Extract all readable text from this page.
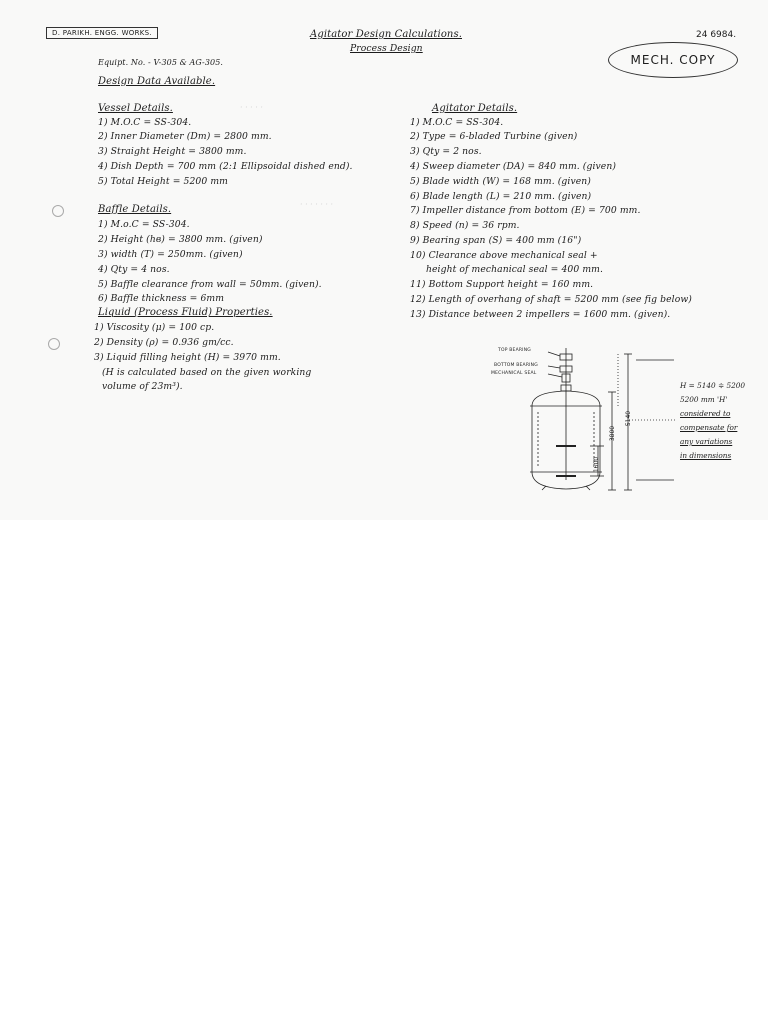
D. PARIKH. ENGG. WORKS.	Agitator Design Calculations.
Process Design
24 6984.
MECH. COPY
Equipt. No. - V-305 & AG-305.
Design Data Available.
· · · · ·
· · · · · · ·
Vessel Details.
1) M.O.C = SS-304.
2) Inner Diameter (Dт) = 2800 mm.
3) Straight Height = 3800 mm.
4) Dish Depth = 700 mm (2:1 Ellipsoidal dished end).
5) Total Height = 5200 mm
Baffle Details.
1) M.o.C = SS-304.
2) Height (hв) = 3800 mm. (given)
3) width (T) = 250mm. (given)
4) Qty = 4 nos.
5) Baffle clearance from wall = 50mm. (given).
6) Baffle thickness = 6mm
Liquid (Process Fluid) Properties.
1) Viscosity (μ) = 100 cp.
2) Density (ρ) = 0.936 gm/cc.
3) Liquid filling height (H) = 3970 mm.
(H is calculated based on the given working
volume of 23m³).
Agitator Details.
1) M.O.C = SS-304.
2) Type = 6-bladed Turbine (given)
3) Qty = 2 nos.
4) Sweep diameter (DA) = 840 mm. (given)
5) Blade width (W) = 168 mm. (given)
6) Blade length (L) = 210 mm. (given)
7) Impeller distance from bottom (E) = 700 mm.
8) Speed (n) = 36 rpm.
9) Bearing span (S) = 400 mm (16")
10) Clearance above mechanical seal +
height of mechanical seal = 400 mm.
11) Bottom Support height = 160 mm.
12) Length of overhang of shaft = 5200 mm (see fig below)
13) Distance between 2 impellers = 1600 mm. (given).
TOP BEARING
BOTTOM BEARING
MECHANICAL SEAL
3800
5140
1600
H = 5140 ≑ 5200
5200 mm 'H'
considered to
compensate for
any variations
in dimensions
